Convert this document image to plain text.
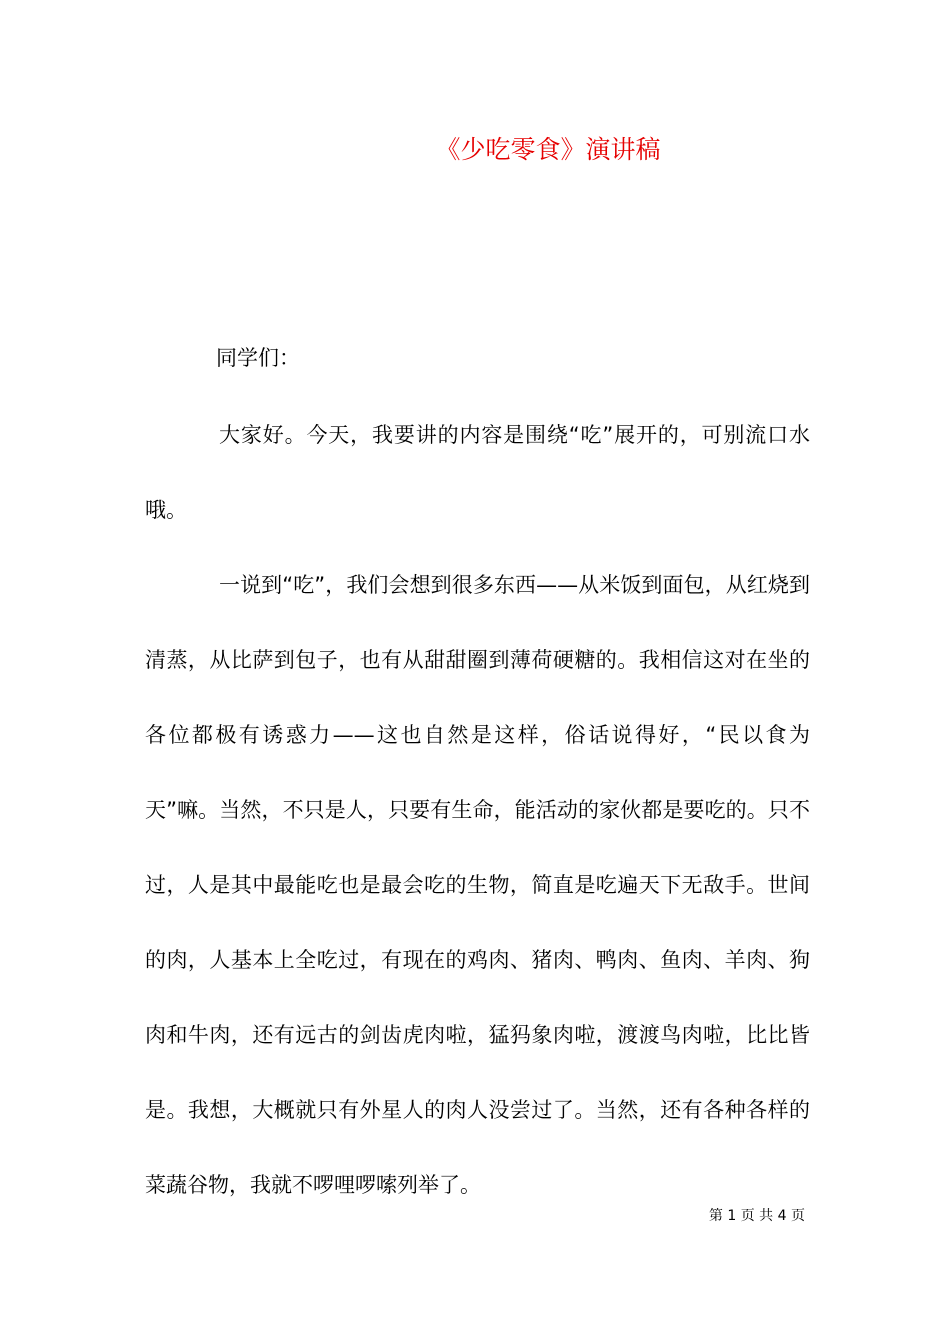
《少吃零食》演讲稿
同学们：

大家好。今天，我要讲的内容是围绕“吃”展开的，可别流口水哦。

一说到“吃”，我们会想到很多东西——从米饭到面包，从红烧到清蒸，从比萨到包子，也有从甜甜圈到薄荷硬糖的。我相信这对在坐的各位都极有诱惑力——这也自然是这样，俗话说得好，“民以食为天”嘛。当然，不只是人，只要有生命，能活动的家伙都是要吃的。只不过，人是其中最能吃也是最会吃的生物，简直是吃遍天下无敌手。世间的肉，人基本上全吃过，有现在的鸡肉、猪肉、鸭肉、鱼肉、羊肉、狗肉和牛肉，还有远古的剑齿虎肉啦，猛犸象肉啦，渡渡鸟肉啦，比比皆是。我想，大概就只有外星人的肉人没尝过了。当然，还有各种各样的菜蔬谷物，我就不啰哩啰嗦列举了。

第 1 页 共 4 页
